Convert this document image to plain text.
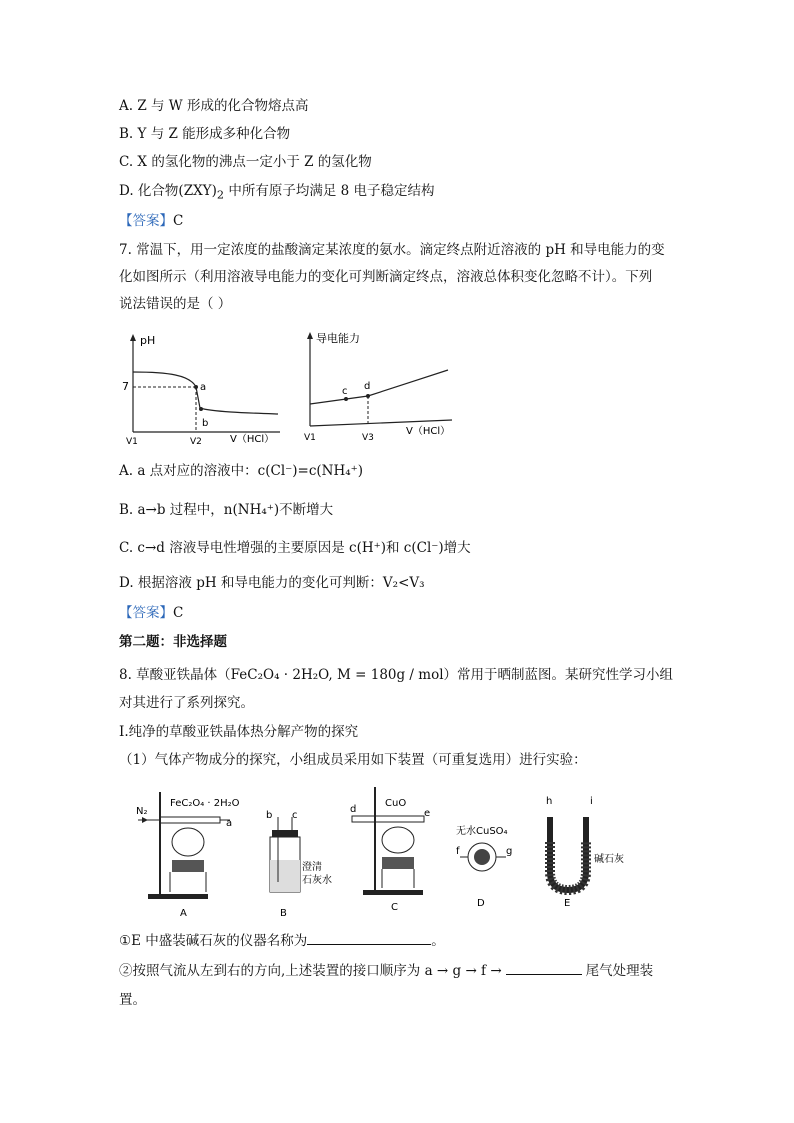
A. Z 与 W 形成的化合物熔点高
B. Y 与 Z 能形成多种化合物
C. X 的氢化物的沸点一定小于 Z 的氢化物
D. 化合物$(ZXY)_2$ 中所有原子均满足 8 电子稳定结构
【答案】C
7. 常温下，用一定浓度的盐酸滴定某浓度的氨水。滴定终点附近溶液的 pH 和导电能力的变
化如图所示（利用溶液导电能力的变化可判断滴定终点，溶液总体积变化忽略不计）。下列
说法错误的是（ ）
pH
7	a
b
V1	V2	V（HCl）
导电能力
c d
V1	V3
V（HCl）
A. a 点对应的溶液中：c(Cl⁻)=c(NH₄⁺)
B. a→b 过程中，n(NH₄⁺)不断增大
C. c→d 溶液导电性增强的主要原因是 c(H⁺)和 c(Cl⁻)增大
D. 根据溶液 pH 和导电能力的变化可判断：V₂<V₃
【答案】C
第二题：非选择题
8. 草酸亚铁晶体（FeC₂O₄ · 2H₂O, M = 180g / mol）常用于晒制蓝图。某研究性学习小组
对其进行了系列探究。
I.纯净的草酸亚铁晶体热分解产物的探究
（1）气体产物成分的探究，小组成员采用如下装置（可重复选用）进行实验：
FeC₂O₄ · 2H₂O
N₂
a
A
b c
澄清
石灰水
B
CuO
d	e
C
无水CuSO₄
f	g
D
h	i
碱石灰
E
①E 中盛装碱石灰的仪器名称为	。
②按照气流从左到右的方向,上述装置的接口顺序为 a → g → f →	尾气处理装
置。
